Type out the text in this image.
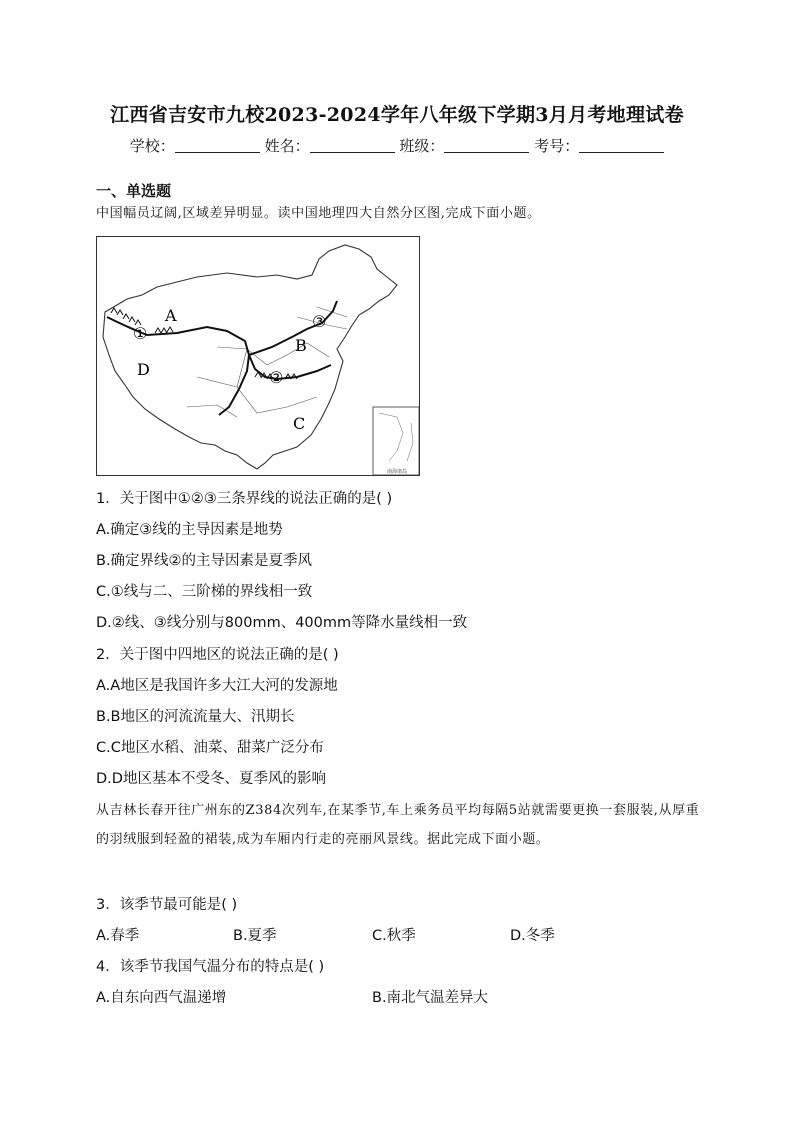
江西省吉安市九校2023-2024学年八年级下学期3月月考地理试卷
学校：	姓名：	班级：	考号：
一、单选题
中国幅员辽阔,区域差异明显。读中国地理四大自然分区图,完成下面小题。
南海诸岛
A
B
C
D
①
②
③
1．关于图中①②③三条界线的说法正确的是( )
A.确定③线的主导因素是地势
B.确定界线②的主导因素是夏季风
C.①线与二、三阶梯的界线相一致
D.②线、③线分别与800mm、400mm等降水量线相一致
2．关于图中四地区的说法正确的是( )
A.A地区是我国许多大江大河的发源地
B.B地区的河流流量大、汛期长
C.C地区水稻、油菜、甜菜广泛分布
D.D地区基本不受冬、夏季风的影响
从吉林长春开往广州东的Z384次列车,在某季节,车上乘务员平均每隔5站就需要更换一套服装,从厚重的羽绒服到轻盈的裙装,成为车厢内行走的亮丽风景线。据此完成下面小题。
3．该季节最可能是( )
A.春季	B.夏季	C.秋季	D.冬季
4．该季节我国气温分布的特点是( )
A.自东向西气温递增	B.南北气温差异大
